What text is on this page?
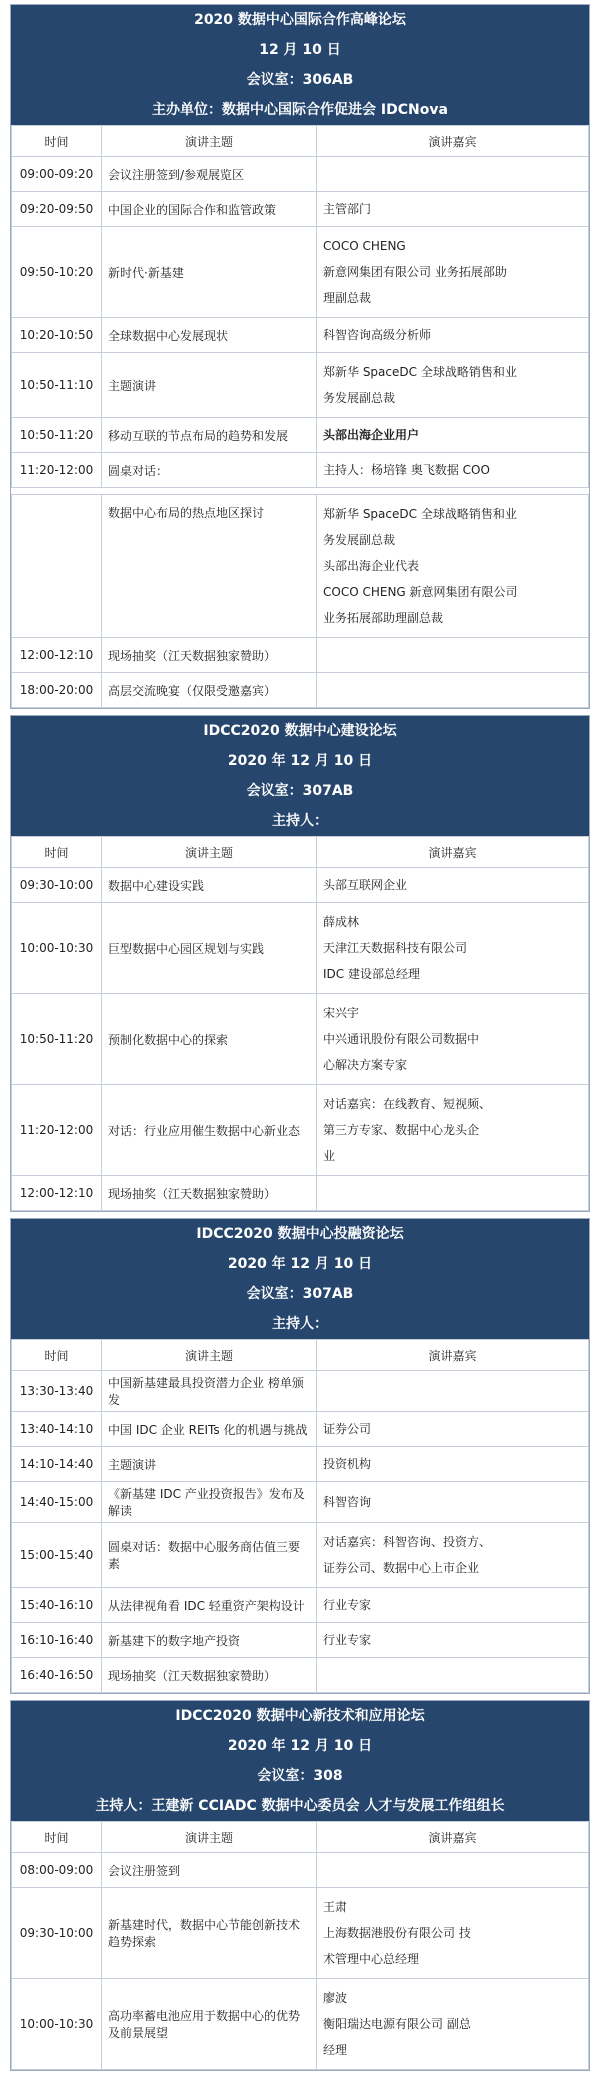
2020 数据中心国际合作高峰论坛
12 月 10 日
会议室：306AB
主办单位：数据中心国际合作促进会 IDCNova
时间	演讲主题	演讲嘉宾
09:00-09:20	会议注册签到/参观展览区	
09:20-09:50	中国企业的国际合作和监管政策	主管部门

09:50-10:20	新时代·新基建	COCO CHENG
新意网集团有限公司 业务拓展部助
理副总裁

10:20-10:50	全球数据中心发展现状	科智咨询高级分析师

10:50-11:10	主题演讲	郑新华 SpaceDC 全球战略销售和业
务发展副总裁

10:50-11:20	移动互联的节点布局的趋势和发展	头部出海企业用户

11:20-12:00	圆桌对话：	主持人：杨培锋 奥飞数据 COO

	数据中心布局的热点地区探讨	郑新华 SpaceDC 全球战略销售和业
务发展副总裁
头部出海企业代表
COCO CHENG 新意网集团有限公司
业务拓展部助理副总裁

12:00-12:10	现场抽奖（江天数据独家赞助）	
18:00-20:00	高层交流晚宴（仅限受邀嘉宾）	
IDCC2020 数据中心建设论坛
2020 年 12 月 10 日
会议室：307AB
主持人：
时间	演讲主题	演讲嘉宾
09:30-10:00	数据中心建设实践	头部互联网企业

10:00-10:30	巨型数据中心园区规划与实践	薛成林
天津江天数据科技有限公司
IDC 建设部总经理

10:50-11:20	预制化数据中心的探索	宋兴宇
中兴通讯股份有限公司数据中
心解决方案专家

11:20-12:00	对话：行业应用催生数据中心新业态	对话嘉宾：在线教育、短视频、
第三方专家、数据中心龙头企
业

12:00-12:10	现场抽奖（江天数据独家赞助）	
IDCC2020 数据中心投融资论坛
2020 年 12 月 10 日
会议室：307AB
主持人：
时间	演讲主题	演讲嘉宾
13:30-13:40	中国新基建最具投资潜力企业 榜单颁发	
13:40-14:10	中国 IDC 企业 REITs 化的机遇与挑战	证券公司

14:10-14:40	主题演讲	投资机构

14:40-15:00	《新基建 IDC 产业投资报告》发布及解读	科智咨询

15:00-15:40	圆桌对话：数据中心服务商估值三要素	对话嘉宾：科智咨询、投资方、
证券公司、数据中心上市企业

15:40-16:10	从法律视角看 IDC 轻重资产架构设计	行业专家

16:10-16:40	新基建下的数字地产投资	行业专家

16:40-16:50	现场抽奖（江天数据独家赞助）	
IDCC2020 数据中心新技术和应用论坛
2020 年 12 月 10 日
会议室：308
主持人：王建新 CCIADC 数据中心委员会 人才与发展工作组组长
时间	演讲主题	演讲嘉宾
08:00-09:00	会议注册签到	
09:30-10:00	新基建时代，数据中心节能创新技术趋势探索	王肃
上海数据港股份有限公司 技
术管理中心总经理

10:00-10:30	高功率蓄电池应用于数据中心的优势及前景展望	廖波
衡阳瑞达电源有限公司 副总
经理
